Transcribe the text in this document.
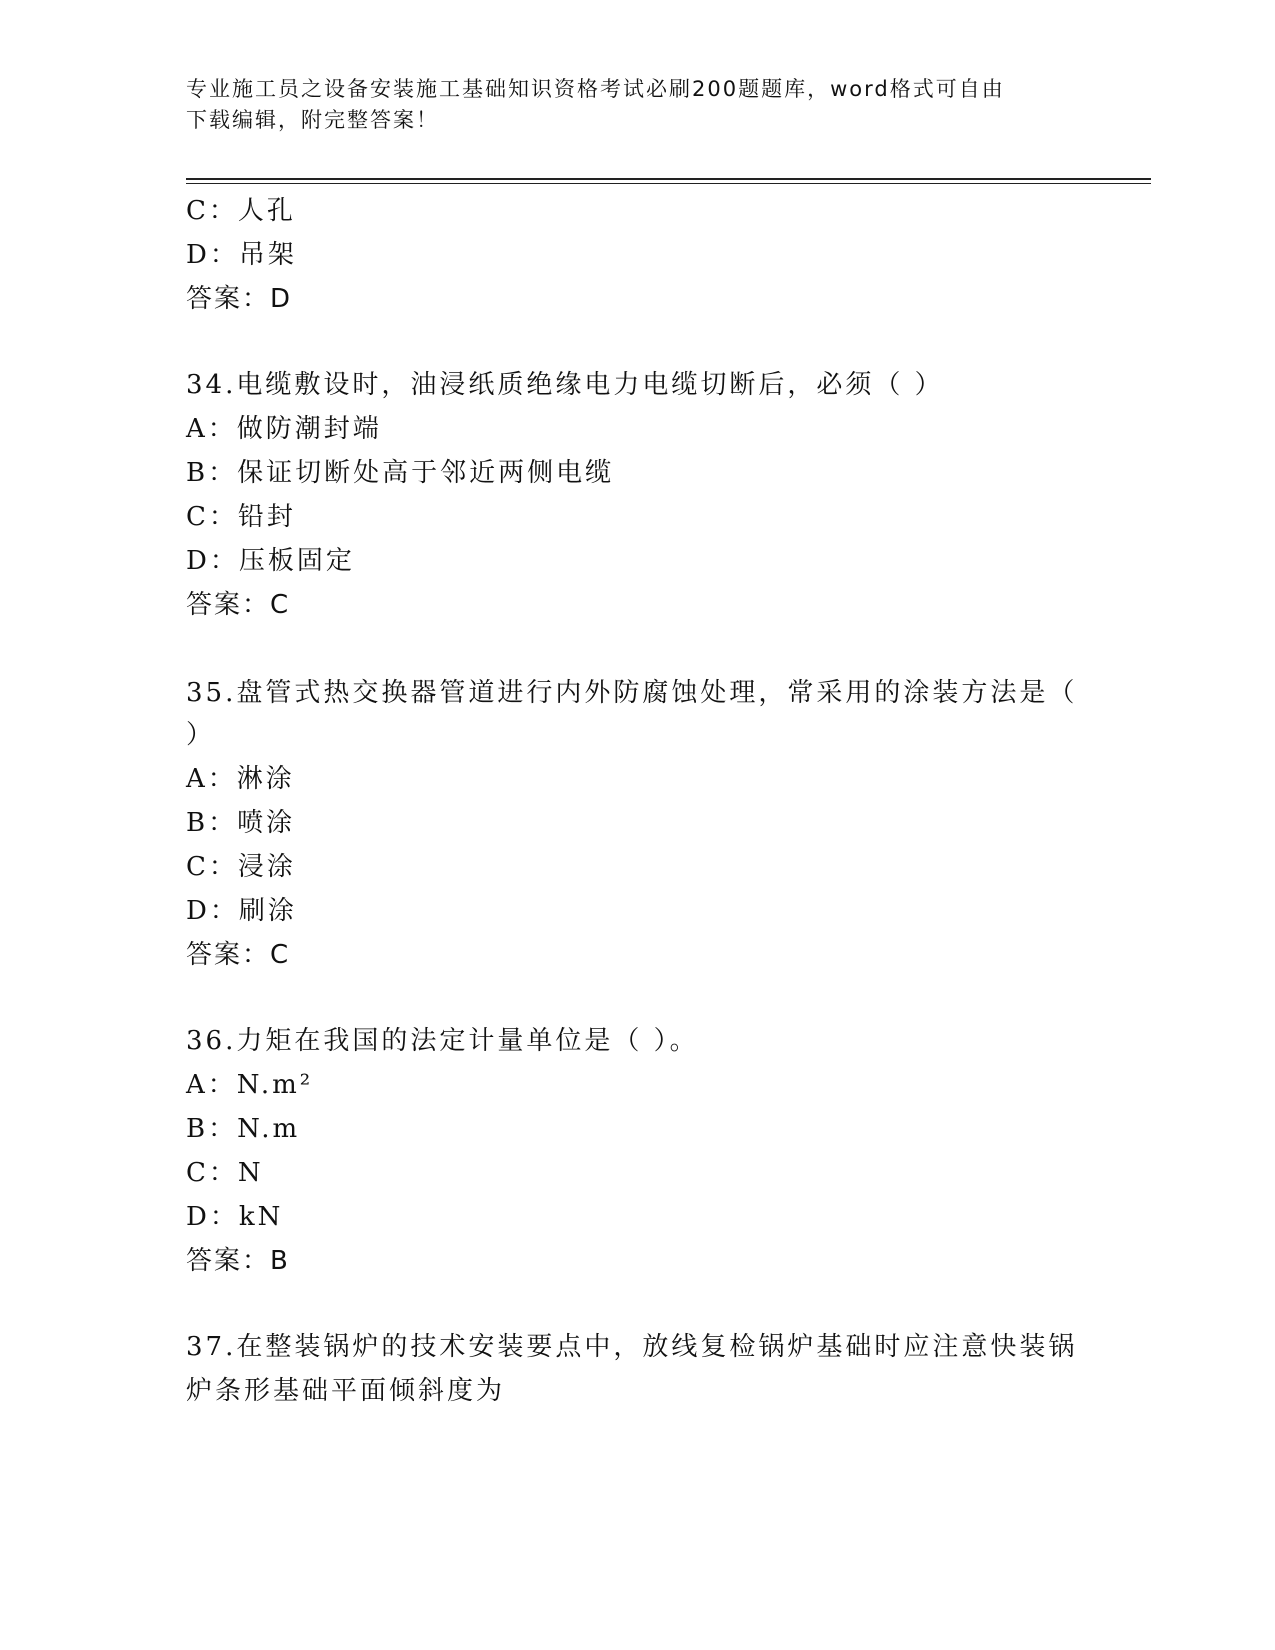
专业施工员之设备安装施工基础知识资格考试必刷200题题库，word格式可自由
下载编辑，附完整答案！
C：人孔
D：吊架
答案：D
34.电缆敷设时，油浸纸质绝缘电力电缆切断后，必须（ ）
A：做防潮封端
B：保证切断处高于邻近两侧电缆
C：铅封
D：压板固定
答案：C
35.盘管式热交换器管道进行内外防腐蚀处理，常采用的涂装方法是（
）
A：淋涂
B：喷涂
C：浸涂
D：刷涂
答案：C
36.力矩在我国的法定计量单位是（ ）。
A：N.m²
B：N.m
C：N
D：kN
答案：B
37.在整装锅炉的技术安装要点中，放线复检锅炉基础时应注意快装锅
炉条形基础平面倾斜度为
